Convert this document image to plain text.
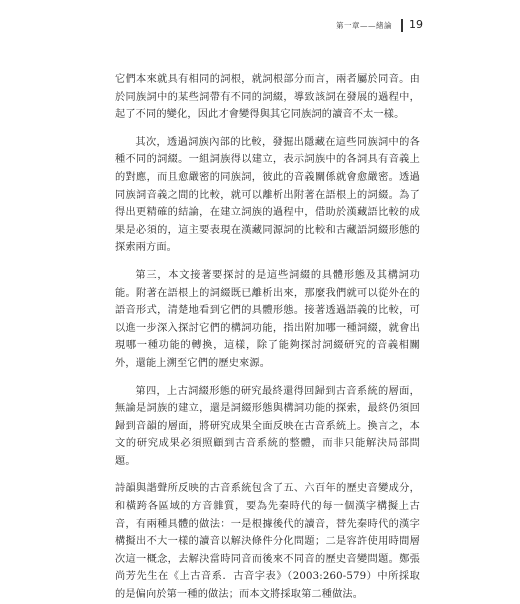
第一章——緒論 19

它們本來就具有相同的詞根，就詞根部分而言，兩者屬於同音。由於同族詞中的某些詞帶有不同的詞綴，導致該詞在發展的過程中，起了不同的變化，因此才會變得與其它同族詞的讀音不太一樣。

其次，透過詞族內部的比較，發掘出隱藏在這些同族詞中的各種不同的詞綴。一組詞族得以建立，表示詞族中的各詞具有音義上的對應，而且愈嚴密的同族詞，彼此的音義關係就會愈嚴密。透過同族詞音義之間的比較，就可以離析出附著在語根上的詞綴。為了得出更精確的結論，在建立詞族的過程中，借助於漢藏語比較的成果是必須的，這主要表現在漢藏同源詞的比較和古藏語詞綴形態的探索兩方面。

第三，本文接著要探討的是這些詞綴的具體形態及其構詞功能。附著在語根上的詞綴既已離析出來，那麼我們就可以從外在的語音形式，清楚地看到它們的具體形態。接著透過語義的比較，可以進一步深入探討它們的構詞功能，指出附加哪一種詞綴，就會出現哪一種功能的轉換，這樣，除了能夠探討詞綴研究的音義相關外，還能上溯至它們的歷史來源。

第四，上古詞綴形態的研究最終還得回歸到古音系統的層面，無論是詞族的建立，還是詞綴形態與構詞功能的探索，最終仍須回歸到音韻的層面，將研究成果全面反映在古音系統上。換言之，本文的研究成果必須照顧到古音系統的整體，而非只能解決局部問題。

詩韻與諧聲所反映的古音系統包含了五、六百年的歷史音變成分，和橫跨各區域的方音雜質，要為先秦時代的每一個漢字構擬上古音，有兩種具體的做法：一是根據後代的讀音，替先秦時代的漢字構擬出不大一樣的讀音以解決條件分化問題；二是容許使用時間層次這一概念，去解決當時同音而後來不同音的歷史音變問題。鄭張尚芳先生在《上古音系．古音字表》（2003:260-579）中所採取的是偏向於第一種的做法；而本文將採取第二種做法。
